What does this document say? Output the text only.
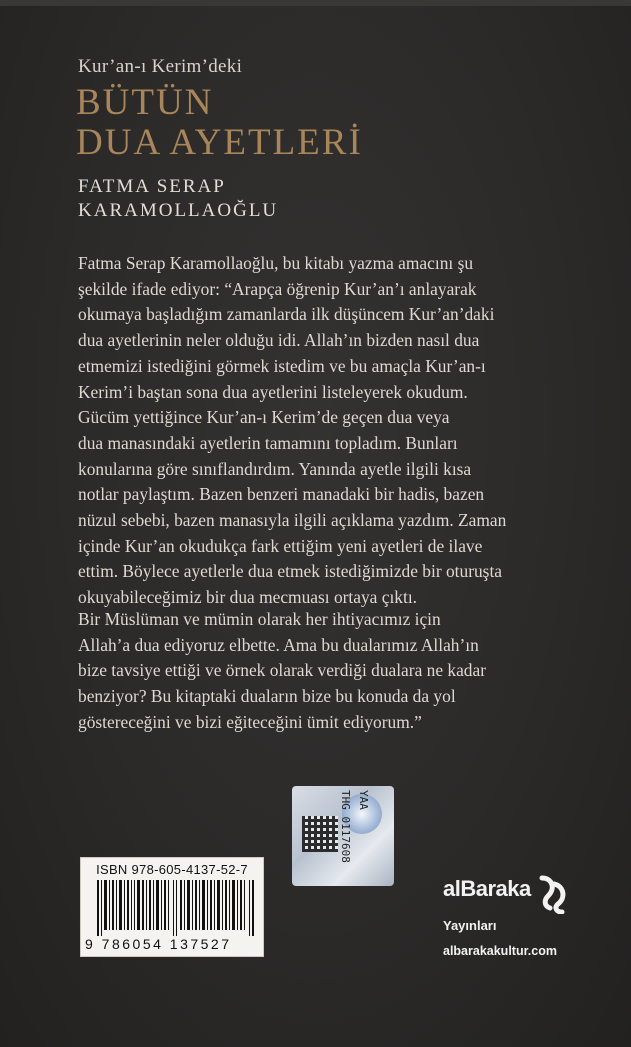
Kur’an-ı Kerim’deki
BÜTÜN
DUA AYETLERİ
FATMA SERAP
KARAMOLLAOĞLU
Fatma Serap Karamollaoğlu, bu kitabı yazma amacını şu
şekilde ifade ediyor: “Arapça öğrenip Kur’an’ı anlayarak
okumaya başladığım zamanlarda ilk düşüncem Kur’an’daki
dua ayetlerinin neler olduğu idi. Allah’ın bizden nasıl dua
etmemizi istediğini görmek istedim ve bu amaçla Kur’an-ı
Kerim’i baştan sona dua ayetlerini listeleyerek okudum.
Gücüm yettiğince Kur’an-ı Kerim’de geçen dua veya
dua manasındaki ayetlerin tamamını topladım. Bunları
konularına göre sınıflandırdım. Yanında ayetle ilgili kısa
notlar paylaştım. Bazen benzeri manadaki bir hadis, bazen
nüzul sebebi, bazen manasıyla ilgili açıklama yazdım. Zaman
içinde Kur’an okudukça fark ettiğim yeni ayetleri de ilave
ettim. Böylece ayetlerle dua etmek istediğimizde bir oturuşta
okuyabileceğimiz bir dua mecmuası ortaya çıktı.
Bir Müslüman ve mümin olarak her ihtiyacımız için
Allah’a dua ediyoruz elbette. Ama bu dualarımız Allah’ın
bize tavsiye ettiği ve örnek olarak verdiği dualara ne kadar
benziyor? Bu kitaptaki duaların bize bu konuda da yol
göstereceğini ve bizi eğiteceğini ümit ediyorum.”
THG 0117608 YAA
ISBN 978-605-4137-52-7
9 786054 137527
alBaraka
Yayınları
albarakakultur.com
